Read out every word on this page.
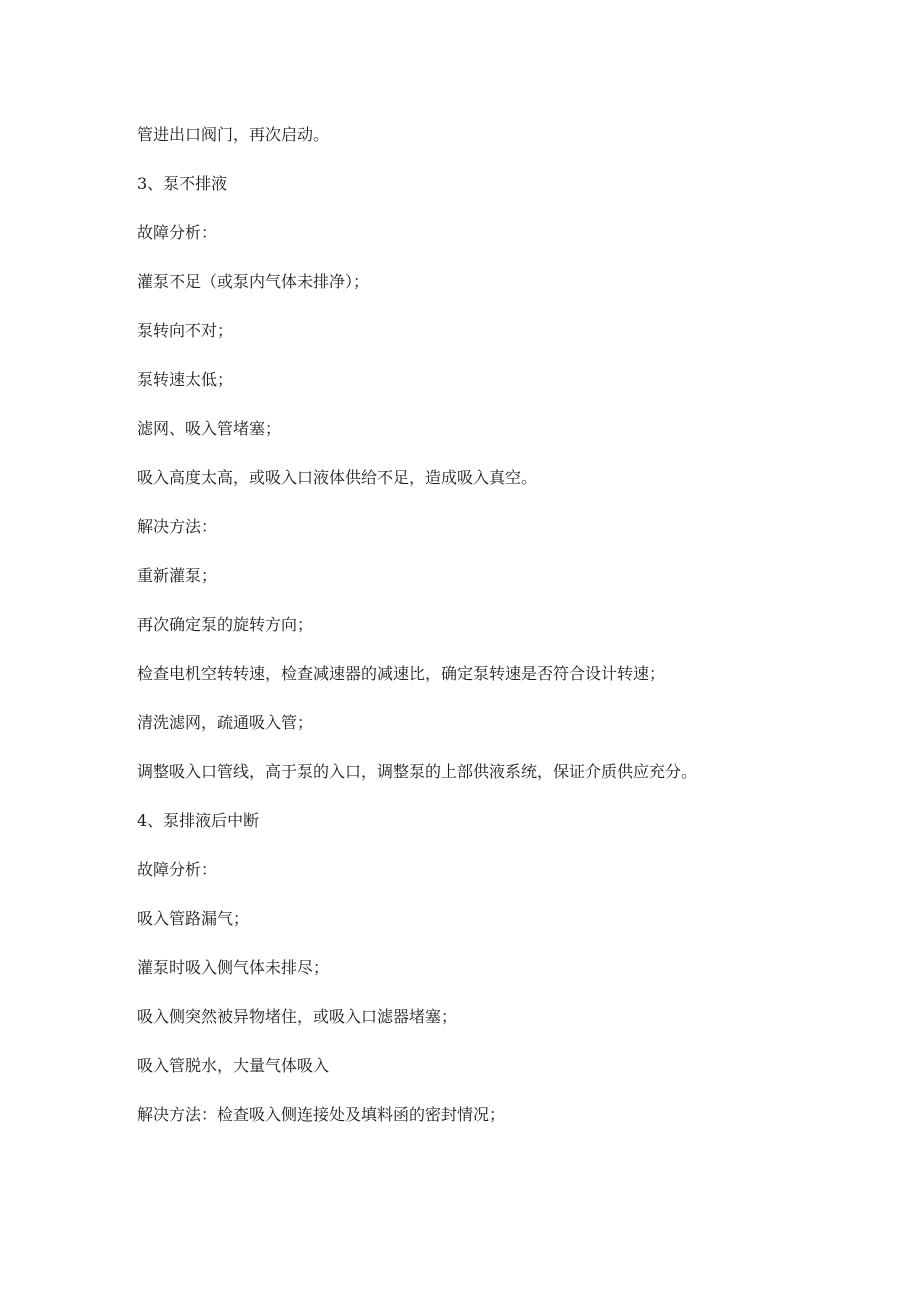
管进出口阀门，再次启动。

3、泵不排液

故障分析：

灌泵不足（或泵内气体未排净）；

泵转向不对；

泵转速太低；

滤网、吸入管堵塞；

吸入高度太高，或吸入口液体供给不足，造成吸入真空。

解决方法：

重新灌泵；

再次确定泵的旋转方向；

检查电机空转转速，检查减速器的减速比，确定泵转速是否符合设计转速；

清洗滤网，疏通吸入管；

调整吸入口管线，高于泵的入口，调整泵的上部供液系统，保证介质供应充分。

4、泵排液后中断

故障分析：

吸入管路漏气；

灌泵时吸入侧气体未排尽；

吸入侧突然被异物堵住，或吸入口滤器堵塞；

吸入管脱水，大量气体吸入

解决方法：检查吸入侧连接处及填料函的密封情况；
